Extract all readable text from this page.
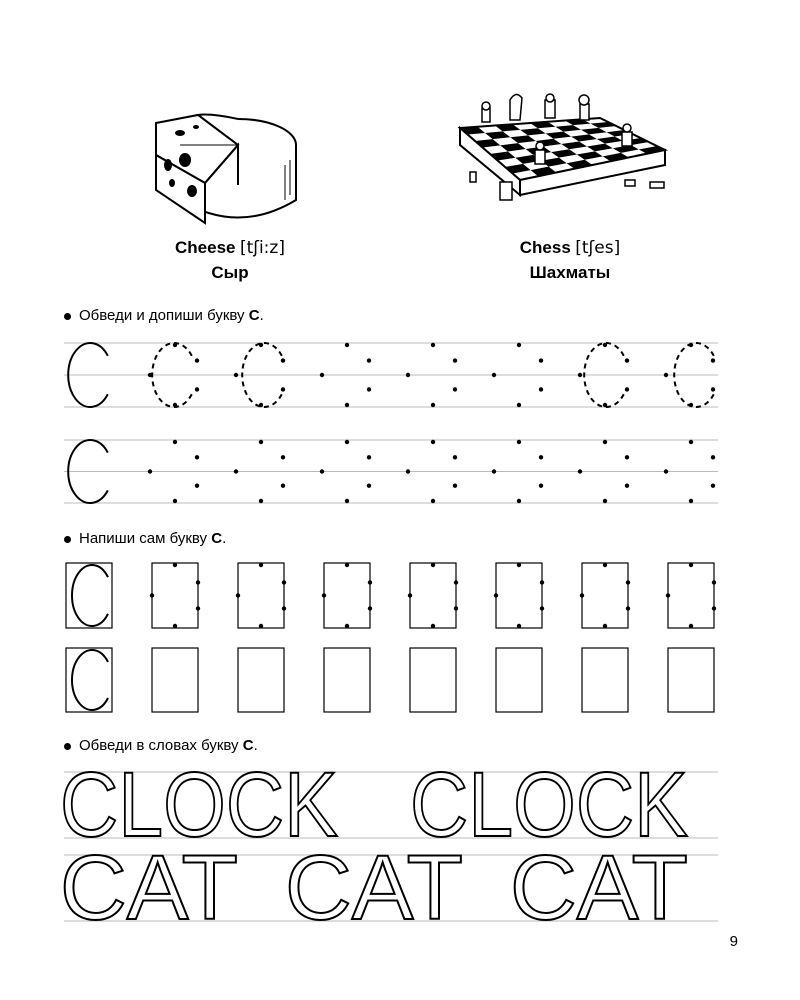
Cheese [tʃi:z]
Сыр
Chess [tʃes]
Шахматы
Обведи и допиши букву C.
Напиши сам букву C.
Обведи в словах букву C.
CLOCK CLOCK
CAT CAT CAT
9
